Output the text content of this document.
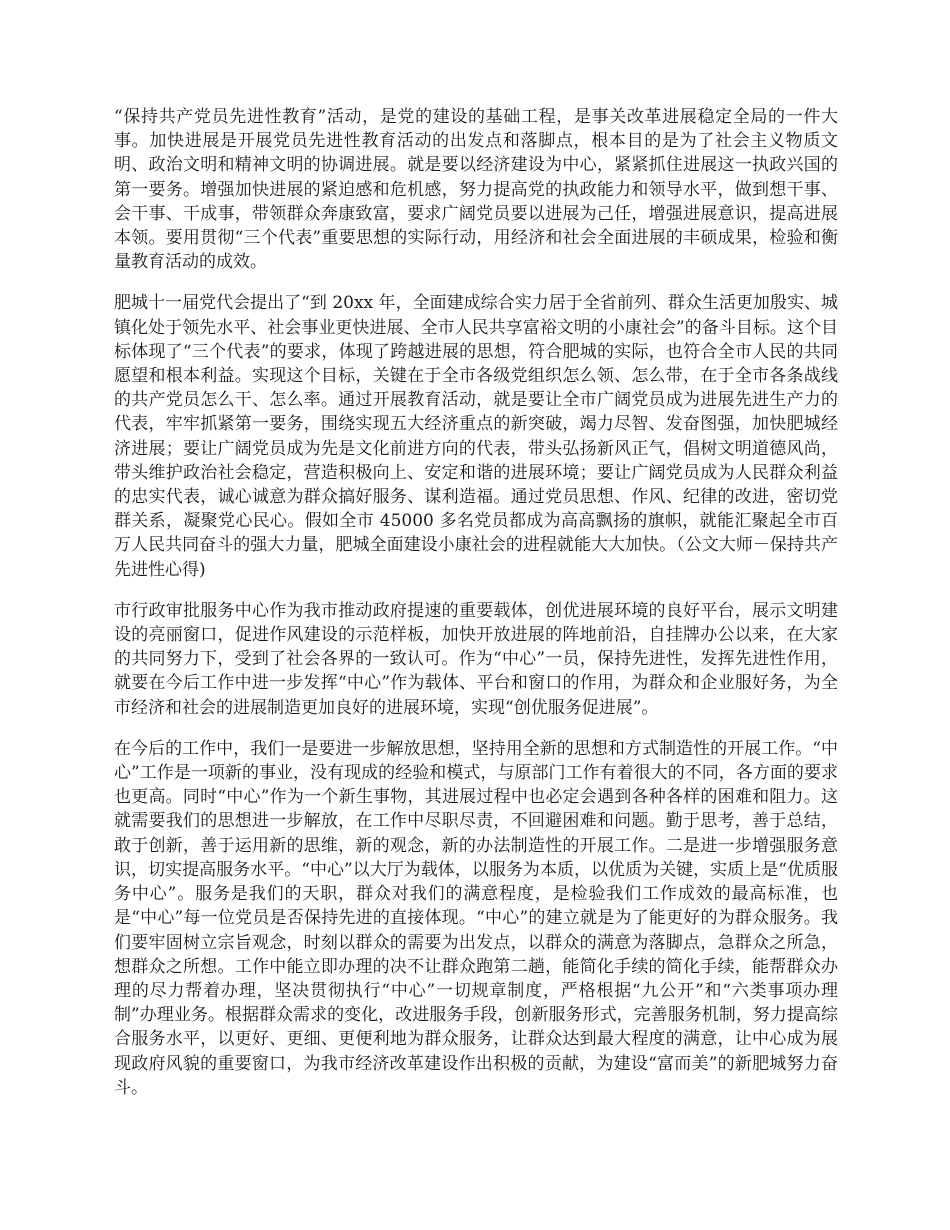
“保持共产党员先进性教育”活动，是党的建设的基础工程，是事关改革进展稳定全局的一件大事。加快进展是开展党员先进性教育活动的出发点和落脚点，根本目的是为了社会主义物质文明、政治文明和精神文明的协调进展。就是要以经济建设为中心，紧紧抓住进展这一执政兴国的第一要务。增强加快进展的紧迫感和危机感，努力提高党的执政能力和领导水平，做到想干事、会干事、干成事，带领群众奔康致富，要求广阔党员要以进展为己任，增强进展意识，提高进展本领。要用贯彻“三个代表”重要思想的实际行动，用经济和社会全面进展的丰硕成果，检验和衡量教育活动的成效。

肥城十一届党代会提出了“到 20xx 年，全面建成综合实力居于全省前列、群众生活更加殷实、城镇化处于领先水平、社会事业更快进展、全市人民共享富裕文明的小康社会”的备斗目标。这个目标体现了“三个代表”的要求，体现了跨越进展的思想，符合肥城的实际，也符合全市人民的共同愿望和根本利益。实现这个目标，关键在于全市各级党组织怎么领、怎么带，在于全市各条战线的共产党员怎么干、怎么率。通过开展教育活动，就是要让全市广阔党员成为进展先进生产力的代表，牢牢抓紧第一要务，围绕实现五大经济重点的新突破，竭力尽智、发奋图强，加快肥城经济进展；要让广阔党员成为先是文化前进方向的代表，带头弘扬新风正气，倡树文明道德风尚，带头维护政治社会稳定，营造积极向上、安定和谐的进展环境；要让广阔党员成为人民群众利益的忠实代表，诚心诚意为群众搞好服务、谋利造福。通过党员思想、作风、纪律的改进，密切党群关系，凝聚党心民心。假如全市 45000 多名党员都成为高高飘扬的旗帜，就能汇聚起全市百万人民共同奋斗的强大力量，肥城全面建设小康社会的进程就能大大加快。（公文大师－保持共产先进性心得)

市行政审批服务中心作为我市推动政府提速的重要载体，创优进展环境的良好平台，展示文明建设的亮丽窗口，促进作风建设的示范样板，加快开放进展的阵地前沿，自挂牌办公以来，在大家的共同努力下，受到了社会各界的一致认可。作为“中心”一员，保持先进性，发挥先进性作用，就要在今后工作中进一步发挥“中心”作为载体、平台和窗口的作用，为群众和企业服好务，为全市经济和社会的进展制造更加良好的进展环境，实现“创优服务促进展”。

在今后的工作中，我们一是要进一步解放思想，坚持用全新的思想和方式制造性的开展工作。“中心”工作是一项新的事业，没有现成的经验和模式，与原部门工作有着很大的不同，各方面的要求也更高。同时“中心”作为一个新生事物，其进展过程中也必定会遇到各种各样的困难和阻力。这就需要我们的思想进一步解放，在工作中尽职尽责，不回避困难和问题。勤于思考，善于总结，敢于创新，善于运用新的思维，新的观念，新的办法制造性的开展工作。二是进一步增强服务意识，切实提高服务水平。“中心”以大厅为载体，以服务为本质，以优质为关键，实质上是“优质服务中心”。服务是我们的天职，群众对我们的满意程度，是检验我们工作成效的最高标准，也是“中心”每一位党员是否保持先进的直接体现。“中心”的建立就是为了能更好的为群众服务。我们要牢固树立宗旨观念，时刻以群众的需要为出发点，以群众的满意为落脚点，急群众之所急，想群众之所想。工作中能立即办理的决不让群众跑第二趟，能简化手续的简化手续，能帮群众办理的尽力帮着办理，坚决贯彻执行“中心”一切规章制度，严格根据“九公开”和“六类事项办理制”办理业务。根据群众需求的变化，改进服务手段，创新服务形式，完善服务机制，努力提高综合服务水平，以更好、更细、更便利地为群众服务，让群众达到最大程度的满意，让中心成为展现政府风貌的重要窗口，为我市经济改革建设作出积极的贡献，为建设“富而美”的新肥城努力奋斗。
